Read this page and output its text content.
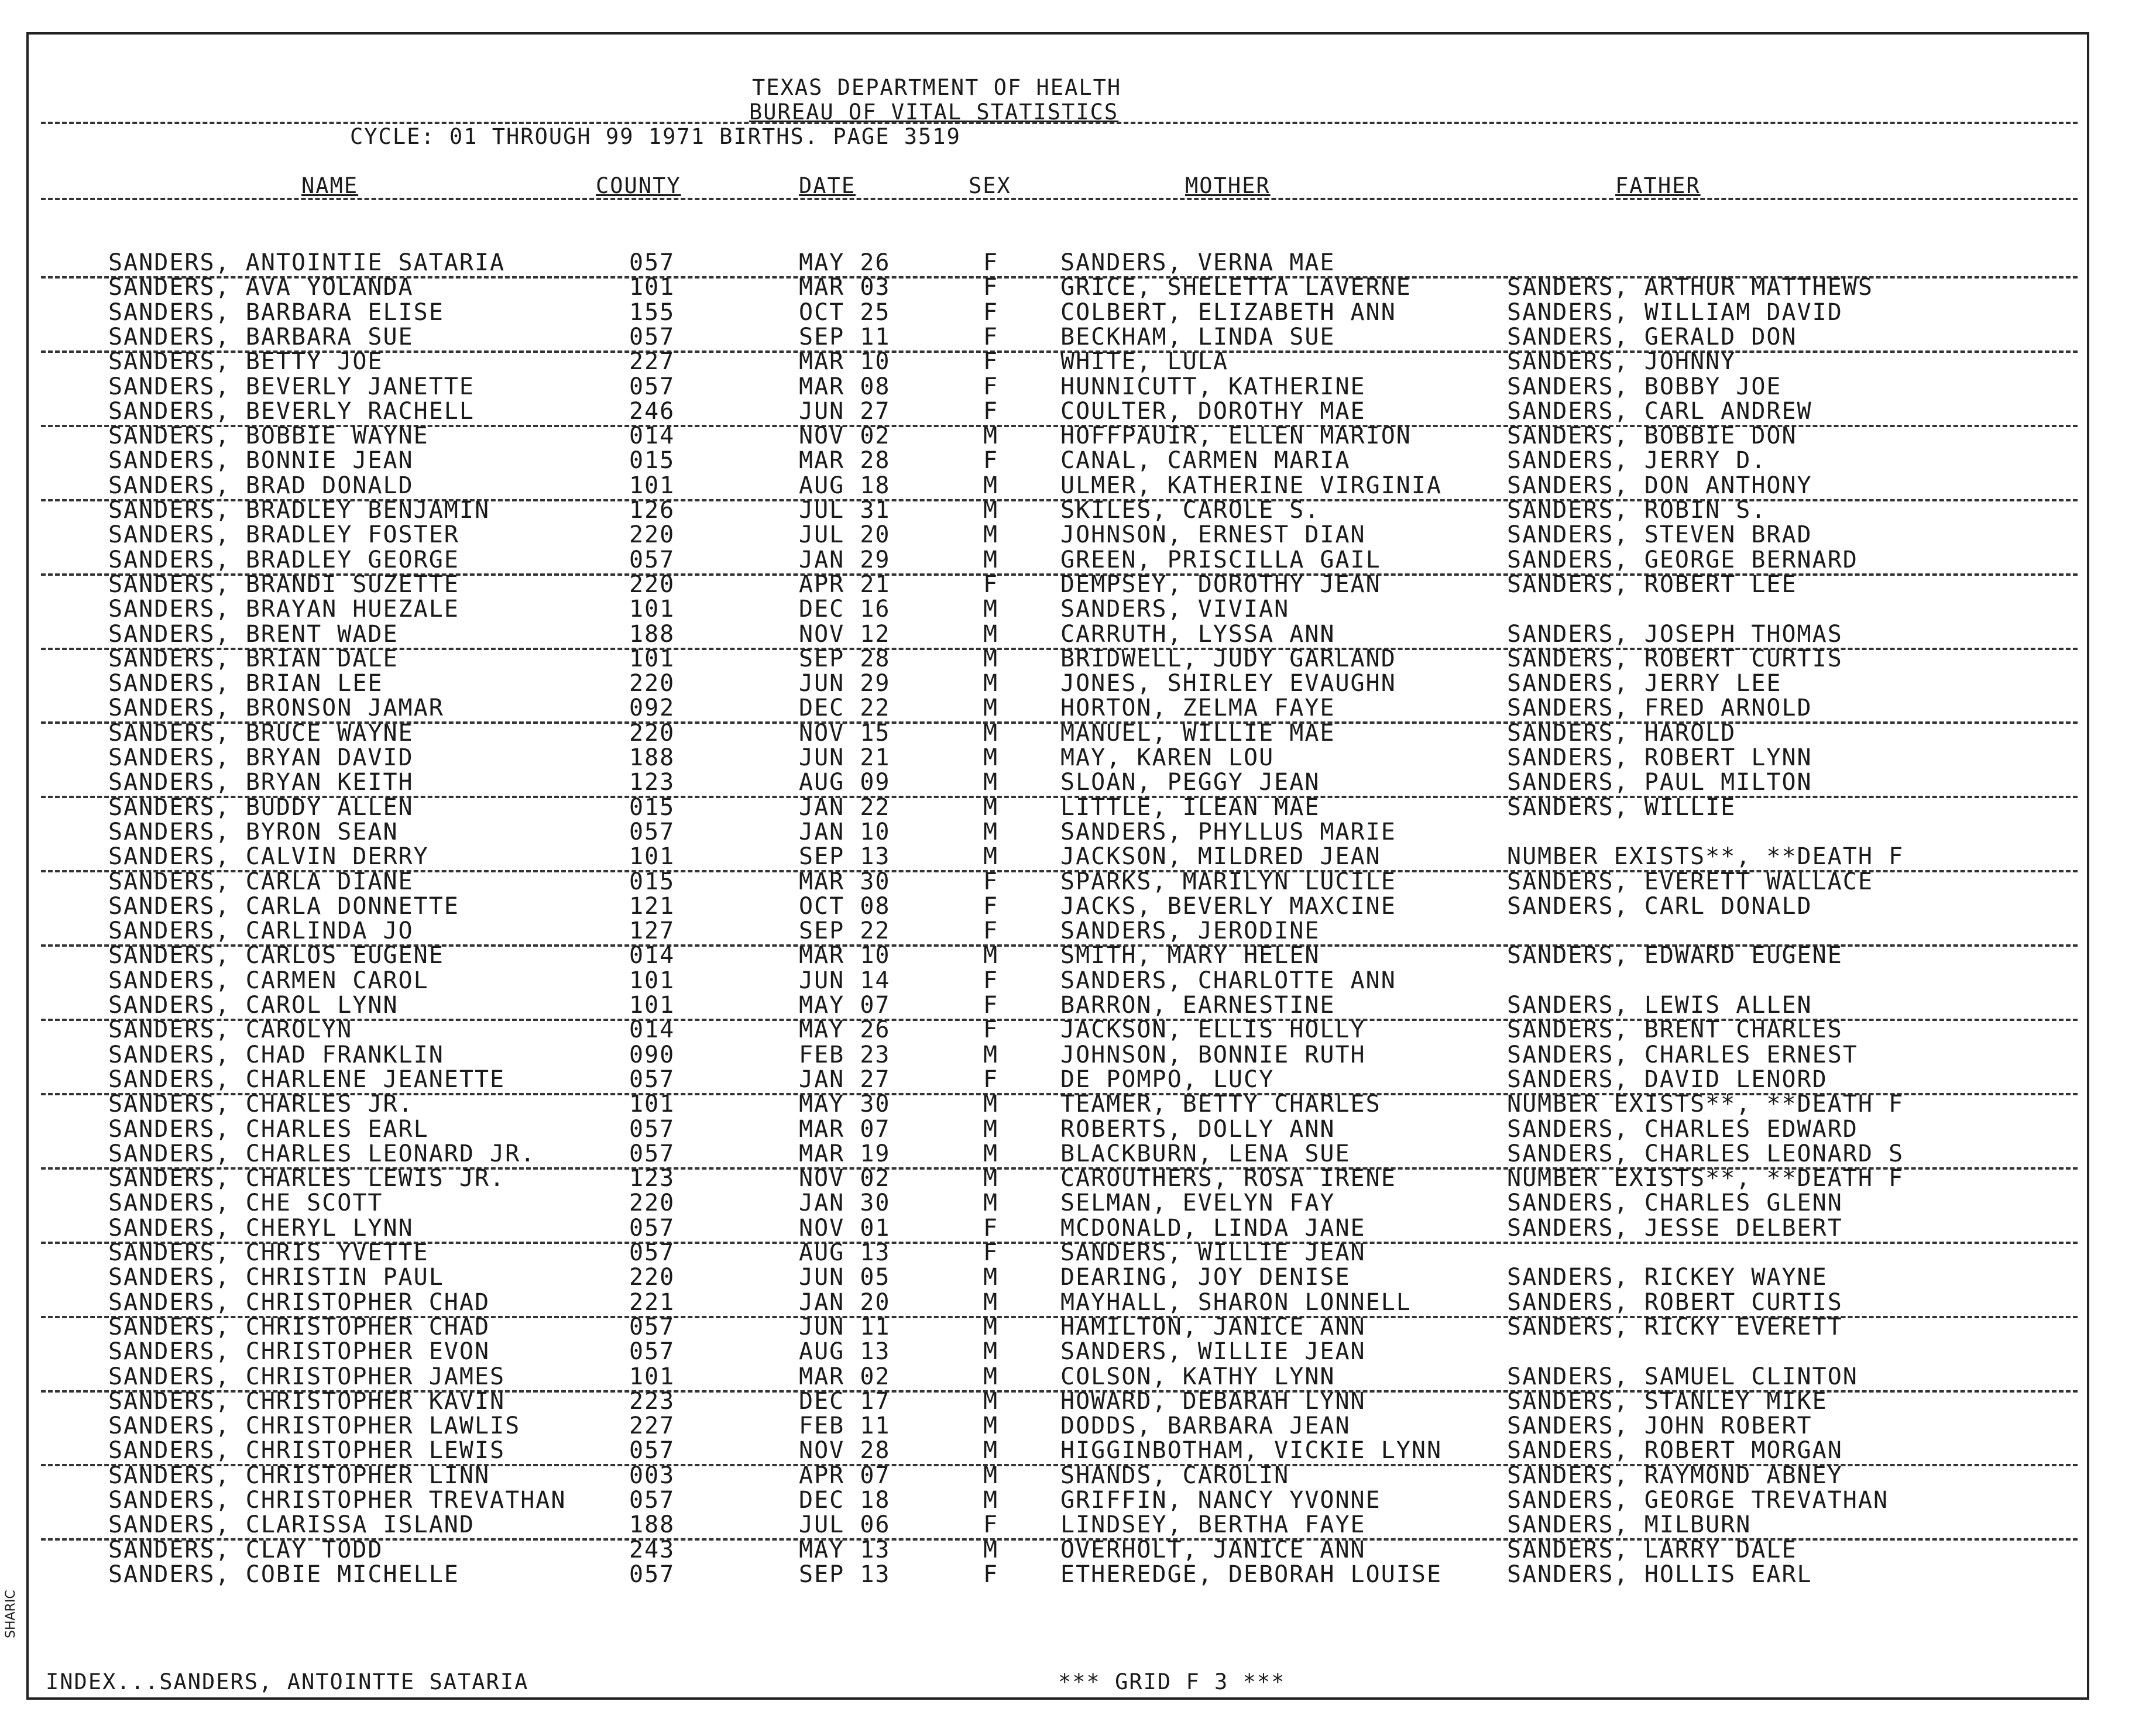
TEXAS DEPARTMENT OF HEALTH
BUREAU OF VITAL STATISTICS
CYCLE: 01 THROUGH 99 1971 BIRTHS. PAGE 3519
NAME	COUNTY	DATE	SEX	MOTHER	FATHER
SANDERS, ANTOINTIE SATARIA	057	MAY 26	F	SANDERS, VERNA MAE
SANDERS, AVA YOLANDA	101	MAR 03	F	GRICE, SHELETTA LAVERNE	SANDERS, ARTHUR MATTHEWS
SANDERS, BARBARA ELISE	155	OCT 25	F	COLBERT, ELIZABETH ANN	SANDERS, WILLIAM DAVID
SANDERS, BARBARA SUE	057	SEP 11	F	BECKHAM, LINDA SUE	SANDERS, GERALD DON
SANDERS, BETTY JOE	227	MAR 10	F	WHITE, LULA	SANDERS, JOHNNY
SANDERS, BEVERLY JANETTE	057	MAR 08	F	HUNNICUTT, KATHERINE	SANDERS, BOBBY JOE
SANDERS, BEVERLY RACHELL	246	JUN 27	F	COULTER, DOROTHY MAE	SANDERS, CARL ANDREW
SANDERS, BOBBIE WAYNE	014	NOV 02	M	HOFFPAUIR, ELLEN MARION	SANDERS, BOBBIE DON
SANDERS, BONNIE JEAN	015	MAR 28	F	CANAL, CARMEN MARIA	SANDERS, JERRY D.
SANDERS, BRAD DONALD	101	AUG 18	M	ULMER, KATHERINE VIRGINIA	SANDERS, DON ANTHONY
SANDERS, BRADLEY BENJAMIN	126	JUL 31	M	SKILES, CAROLE S.	SANDERS, ROBIN S.
SANDERS, BRADLEY FOSTER	220	JUL 20	M	JOHNSON, ERNEST DIAN	SANDERS, STEVEN BRAD
SANDERS, BRADLEY GEORGE	057	JAN 29	M	GREEN, PRISCILLA GAIL	SANDERS, GEORGE BERNARD
SANDERS, BRANDI SUZETTE	220	APR 21	F	DEMPSEY, DOROTHY JEAN	SANDERS, ROBERT LEE
SANDERS, BRAYAN HUEZALE	101	DEC 16	M	SANDERS, VIVIAN
SANDERS, BRENT WADE	188	NOV 12	M	CARRUTH, LYSSA ANN	SANDERS, JOSEPH THOMAS
SANDERS, BRIAN DALE	101	SEP 28	M	BRIDWELL, JUDY GARLAND	SANDERS, ROBERT CURTIS
SANDERS, BRIAN LEE	220	JUN 29	M	JONES, SHIRLEY EVAUGHN	SANDERS, JERRY LEE
SANDERS, BRONSON JAMAR	092	DEC 22	M	HORTON, ZELMA FAYE	SANDERS, FRED ARNOLD
SANDERS, BRUCE WAYNE	220	NOV 15	M	MANUEL, WILLIE MAE	SANDERS, HAROLD
SANDERS, BRYAN DAVID	188	JUN 21	M	MAY, KAREN LOU	SANDERS, ROBERT LYNN
SANDERS, BRYAN KEITH	123	AUG 09	M	SLOAN, PEGGY JEAN	SANDERS, PAUL MILTON
SANDERS, BUDDY ALLEN	015	JAN 22	M	LITTLE, ILEAN MAE	SANDERS, WILLIE
SANDERS, BYRON SEAN	057	JAN 10	M	SANDERS, PHYLLUS MARIE
SANDERS, CALVIN DERRY	101	SEP 13	M	JACKSON, MILDRED JEAN	NUMBER EXISTS**, **DEATH F
SANDERS, CARLA DIANE	015	MAR 30	F	SPARKS, MARILYN LUCILE	SANDERS, EVERETT WALLACE
SANDERS, CARLA DONNETTE	121	OCT 08	F	JACKS, BEVERLY MAXCINE	SANDERS, CARL DONALD
SANDERS, CARLINDA JO	127	SEP 22	F	SANDERS, JERODINE
SANDERS, CARLOS EUGENE	014	MAR 10	M	SMITH, MARY HELEN	SANDERS, EDWARD EUGENE
SANDERS, CARMEN CAROL	101	JUN 14	F	SANDERS, CHARLOTTE ANN
SANDERS, CAROL LYNN	101	MAY 07	F	BARRON, EARNESTINE	SANDERS, LEWIS ALLEN
SANDERS, CAROLYN	014	MAY 26	F	JACKSON, ELLIS HOLLY	SANDERS, BRENT CHARLES
SANDERS, CHAD FRANKLIN	090	FEB 23	M	JOHNSON, BONNIE RUTH	SANDERS, CHARLES ERNEST
SANDERS, CHARLENE JEANETTE	057	JAN 27	F	DE POMPO, LUCY	SANDERS, DAVID LENORD
SANDERS, CHARLES JR.	101	MAY 30	M	TEAMER, BETTY CHARLES	NUMBER EXISTS**, **DEATH F
SANDERS, CHARLES EARL	057	MAR 07	M	ROBERTS, DOLLY ANN	SANDERS, CHARLES EDWARD
SANDERS, CHARLES LEONARD JR.	057	MAR 19	M	BLACKBURN, LENA SUE	SANDERS, CHARLES LEONARD S
SANDERS, CHARLES LEWIS JR.	123	NOV 02	M	CAROUTHERS, ROSA IRENE	NUMBER EXISTS**, **DEATH F
SANDERS, CHE SCOTT	220	JAN 30	M	SELMAN, EVELYN FAY	SANDERS, CHARLES GLENN
SANDERS, CHERYL LYNN	057	NOV 01	F	MCDONALD, LINDA JANE	SANDERS, JESSE DELBERT
SANDERS, CHRIS YVETTE	057	AUG 13	F	SANDERS, WILLIE JEAN
SANDERS, CHRISTIN PAUL	220	JUN 05	M	DEARING, JOY DENISE	SANDERS, RICKEY WAYNE
SANDERS, CHRISTOPHER CHAD	221	JAN 20	M	MAYHALL, SHARON LONNELL	SANDERS, ROBERT CURTIS
SANDERS, CHRISTOPHER CHAD	057	JUN 11	M	HAMILTON, JANICE ANN	SANDERS, RICKY EVERETT
SANDERS, CHRISTOPHER EVON	057	AUG 13	M	SANDERS, WILLIE JEAN
SANDERS, CHRISTOPHER JAMES	101	MAR 02	M	COLSON, KATHY LYNN	SANDERS, SAMUEL CLINTON
SANDERS, CHRISTOPHER KAVIN	223	DEC 17	M	HOWARD, DEBARAH LYNN	SANDERS, STANLEY MIKE
SANDERS, CHRISTOPHER LAWLIS	227	FEB 11	M	DODDS, BARBARA JEAN	SANDERS, JOHN ROBERT
SANDERS, CHRISTOPHER LEWIS	057	NOV 28	M	HIGGINBOTHAM, VICKIE LYNN	SANDERS, ROBERT MORGAN
SANDERS, CHRISTOPHER LINN	003	APR 07	M	SHANDS, CAROLIN	SANDERS, RAYMOND ABNEY
SANDERS, CHRISTOPHER TREVATHAN	057	DEC 18	M	GRIFFIN, NANCY YVONNE	SANDERS, GEORGE TREVATHAN
SANDERS, CLARISSA ISLAND	188	JUL 06	F	LINDSEY, BERTHA FAYE	SANDERS, MILBURN
SANDERS, CLAY TODD	243	MAY 13	M	OVERHOLT, JANICE ANN	SANDERS, LARRY DALE
SANDERS, COBIE MICHELLE	057	SEP 13	F	ETHEREDGE, DEBORAH LOUISE	SANDERS, HOLLIS EARL
INDEX...SANDERS, ANTOINTTE SATARIA	*** GRID F 3 ***
SHARIC
